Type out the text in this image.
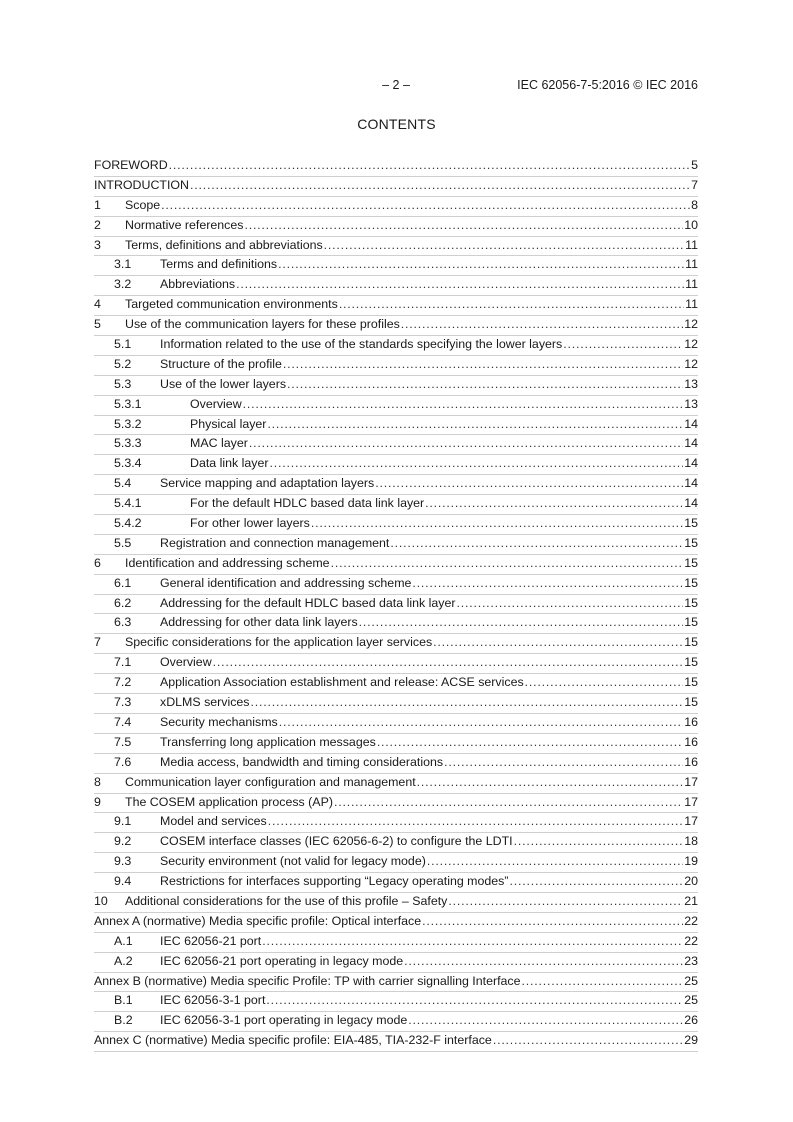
– 2 –	IEC 62056-7-5:2016 © IEC 2016
CONTENTS
FOREWORD .....	5
INTRODUCTION .....	7
1	Scope .....	8
2	Normative references .....	10
3	Terms, definitions and abbreviations .....	11
3.1	Terms and definitions .....	11
3.2	Abbreviations .....	11
4	Targeted communication environments .....	11
5	Use of the communication layers for these profiles .....	12
5.1	Information related to the use of the standards specifying the lower layers .....	12
5.2	Structure of the profile .....	12
5.3	Use of the lower layers .....	13
5.3.1	Overview .....	13
5.3.2	Physical layer .....	14
5.3.3	MAC layer .....	14
5.3.4	Data link layer .....	14
5.4	Service mapping and adaptation layers .....	14
5.4.1	For the default HDLC based data link layer .....	14
5.4.2	For other lower layers .....	15
5.5	Registration and connection management .....	15
6	Identification and addressing scheme .....	15
6.1	General identification and addressing scheme .....	15
6.2	Addressing for the default HDLC based data link layer .....	15
6.3	Addressing for other data link layers .....	15
7	Specific considerations for the application layer services .....	15
7.1	Overview .....	15
7.2	Application Association establishment and release: ACSE services .....	15
7.3	xDLMS services .....	15
7.4	Security mechanisms .....	16
7.5	Transferring long application messages .....	16
7.6	Media access, bandwidth and timing considerations .....	16
8	Communication layer configuration and management .....	17
9	The COSEM application process (AP) .....	17
9.1	Model and services .....	17
9.2	COSEM interface classes (IEC 62056-6-2) to configure the LDTI .....	18
9.3	Security environment (not valid for legacy mode) .....	19
9.4	Restrictions for interfaces supporting “Legacy operating modes” .....	20
10	Additional considerations for the use of this profile – Safety .....	21
Annex A (normative) Media specific profile: Optical interface .....	22
A.1	IEC 62056-21 port .....	22
A.2	IEC 62056-21 port operating in legacy mode .....	23
Annex B (normative) Media specific Profile: TP with carrier signalling Interface .....	25
B.1	IEC 62056-3-1 port .....	25
B.2	IEC 62056-3-1 port operating in legacy mode .....	26
Annex C (normative) Media specific profile: EIA-485, TIA-232-F interface .....	29
